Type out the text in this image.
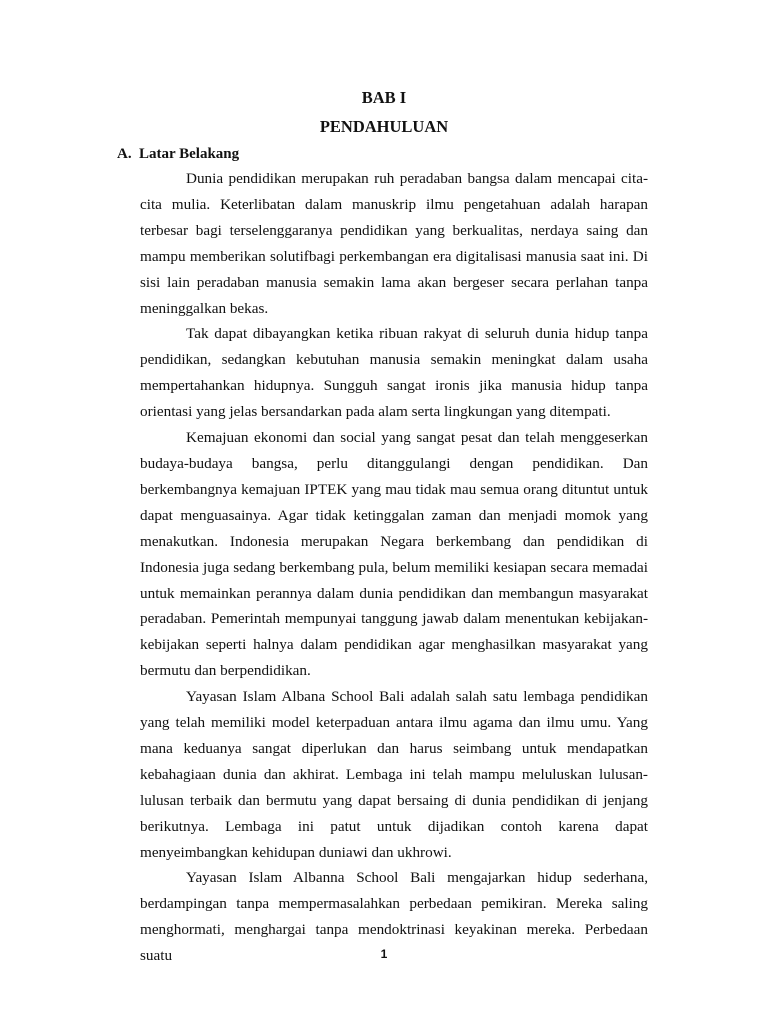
BAB I
PENDAHULUAN
A. Latar Belakang

Dunia pendidikan merupakan ruh peradaban bangsa dalam mencapai cita-cita mulia. Keterlibatan dalam manuskrip ilmu pengetahuan adalah harapan terbesar bagi terselenggaranya pendidikan yang berkualitas, nerdaya saing dan mampu memberikan solutifbagi perkembangan era digitalisasi manusia saat ini. Di sisi lain peradaban manusia semakin lama akan bergeser secara perlahan tanpa meninggalkan bekas.

Tak dapat dibayangkan ketika ribuan rakyat di seluruh dunia hidup tanpa pendidikan, sedangkan kebutuhan manusia semakin meningkat dalam usaha mempertahankan hidupnya. Sungguh sangat ironis jika manusia hidup tanpa orientasi yang jelas bersandarkan pada alam serta lingkungan yang ditempati.

Kemajuan ekonomi dan social yang sangat pesat dan telah menggeserkan budaya-budaya bangsa, perlu ditanggulangi dengan pendidikan. Dan berkembangnya kemajuan IPTEK yang mau tidak mau semua orang dituntut untuk dapat menguasainya. Agar tidak ketinggalan zaman dan menjadi momok yang menakutkan. Indonesia merupakan Negara berkembang dan pendidikan di Indonesia juga sedang berkembang pula, belum memiliki kesiapan secara memadai untuk memainkan perannya dalam dunia pendidikan dan membangun masyarakat peradaban. Pemerintah mempunyai tanggung jawab dalam menentukan kebijakan-kebijakan seperti halnya dalam pendidikan agar menghasilkan masyarakat yang bermutu dan berpendidikan.

Yayasan Islam Albana School Bali adalah salah satu lembaga pendidikan yang telah memiliki model keterpaduan antara ilmu agama dan ilmu umu. Yang mana keduanya sangat diperlukan dan harus seimbang untuk mendapatkan kebahagiaan dunia dan akhirat. Lembaga ini telah mampu meluluskan lulusan-lulusan terbaik dan bermutu yang dapat bersaing di dunia pendidikan di jenjang berikutnya. Lembaga ini patut untuk dijadikan contoh karena dapat menyeimbangkan kehidupan duniawi dan ukhrowi.

Yayasan Islam Albanna School Bali mengajarkan hidup sederhana, berdampingan tanpa mempermasalahkan perbedaan pemikiran. Mereka saling menghormati, menghargai tanpa mendoktrinasi keyakinan mereka. Perbedaan suatu	1
